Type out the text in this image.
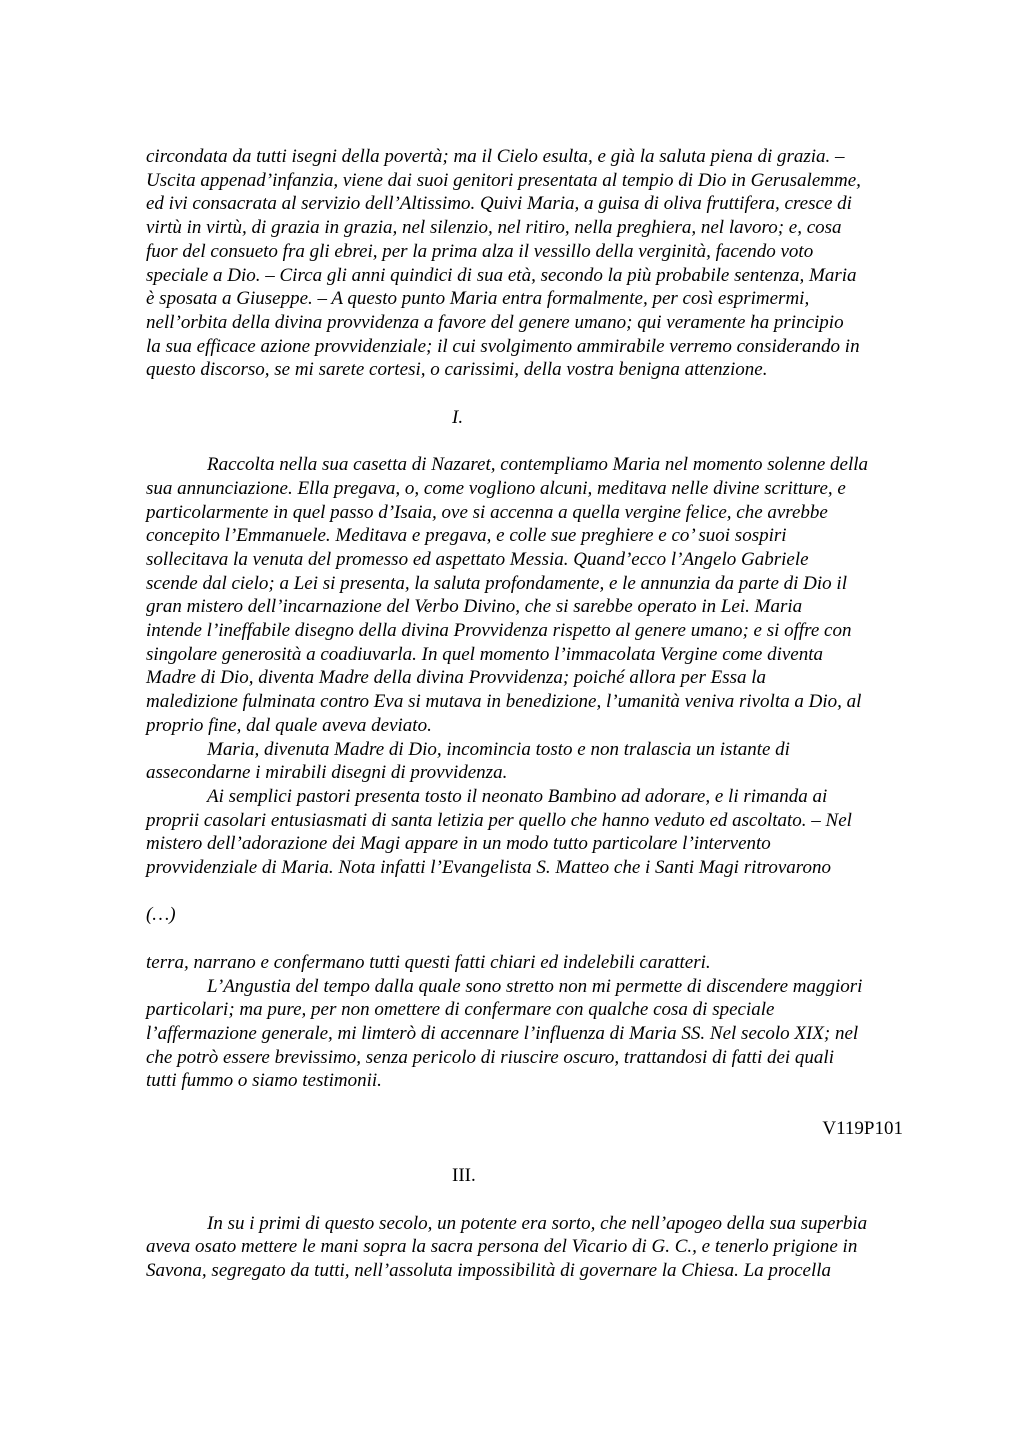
circondata da tutti isegni della povertà; ma il Cielo esulta, e già la saluta piena di grazia. –
Uscita appenad’infanzia, viene dai suoi genitori presentata al tempio di Dio in Gerusalemme,
ed ivi consacrata al servizio dell’Altissimo. Quivi Maria, a guisa di oliva fruttifera, cresce di
virtù in virtù, di grazia in grazia, nel silenzio, nel ritiro, nella preghiera, nel lavoro; e, cosa
fuor del consueto fra gli ebrei, per la prima alza il vessillo della verginità, facendo voto
speciale a Dio. – Circa gli anni quindici di sua età, secondo la più probabile sentenza, Maria
è sposata a Giuseppe. – A questo punto Maria entra formalmente, per così esprimermi,
nell’orbita della divina provvidenza a favore del genere umano; qui veramente ha principio
la sua efficace azione provvidenziale; il cui svolgimento ammirabile verremo considerando in
questo discorso, se mi sarete cortesi, o carissimi, della vostra benigna attenzione.
I.
Raccolta nella sua casetta di Nazaret, contempliamo Maria nel momento solenne della
sua annunciazione. Ella pregava, o, come vogliono alcuni, meditava nelle divine scritture, e
particolarmente in quel passo d’Isaia, ove si accenna a quella vergine felice, che avrebbe
concepito l’Emmanuele. Meditava e pregava, e colle sue preghiere e co’ suoi sospiri
sollecitava la venuta del promesso ed aspettato Messia. Quand’ecco l’Angelo Gabriele
scende dal cielo; a Lei si presenta, la saluta profondamente, e le annunzia da parte di Dio il
gran mistero dell’incarnazione del Verbo Divino, che si sarebbe operato in Lei. Maria
intende l’ineffabile disegno della divina Provvidenza rispetto al genere umano; e si offre con
singolare generosità a coadiuvarla. In quel momento l’immacolata Vergine come diventa
Madre di Dio, diventa Madre della divina Provvidenza; poiché allora per Essa la
maledizione fulminata contro Eva si mutava in benedizione, l’umanità veniva rivolta a Dio, al
proprio fine, dal quale aveva deviato.
Maria, divenuta Madre di Dio, incomincia tosto e non tralascia un istante di
assecondarne i mirabili disegni di provvidenza.
Ai semplici pastori presenta tosto il neonato Bambino ad adorare, e li rimanda ai
proprii casolari entusiasmati di santa letizia per quello che hanno veduto ed ascoltato. – Nel
mistero dell’adorazione dei Magi appare in un modo tutto particolare l’intervento
provvidenziale di Maria. Nota infatti l’Evangelista S. Matteo che i Santi Magi ritrovarono
(…)
terra, narrano e confermano tutti questi fatti chiari ed indelebili caratteri.
L’Angustia del tempo dalla quale sono stretto non mi permette di discendere maggiori
particolari; ma pure, per non omettere di confermare con qualche cosa di speciale
l’affermazione generale, mi limterò di accennare l’influenza di Maria SS. Nel secolo XIX; nel
che potrò essere brevissimo, senza pericolo di riuscire oscuro, trattandosi di fatti dei quali
tutti fummo o siamo testimonii.
V119P101
III.
In su i primi di questo secolo, un potente era sorto, che nell’apogeo della sua superbia
aveva osato mettere le mani sopra la sacra persona del Vicario di G. C., e tenerlo prigione in
Savona, segregato da tutti, nell’assoluta impossibilità di governare la Chiesa. La procella
